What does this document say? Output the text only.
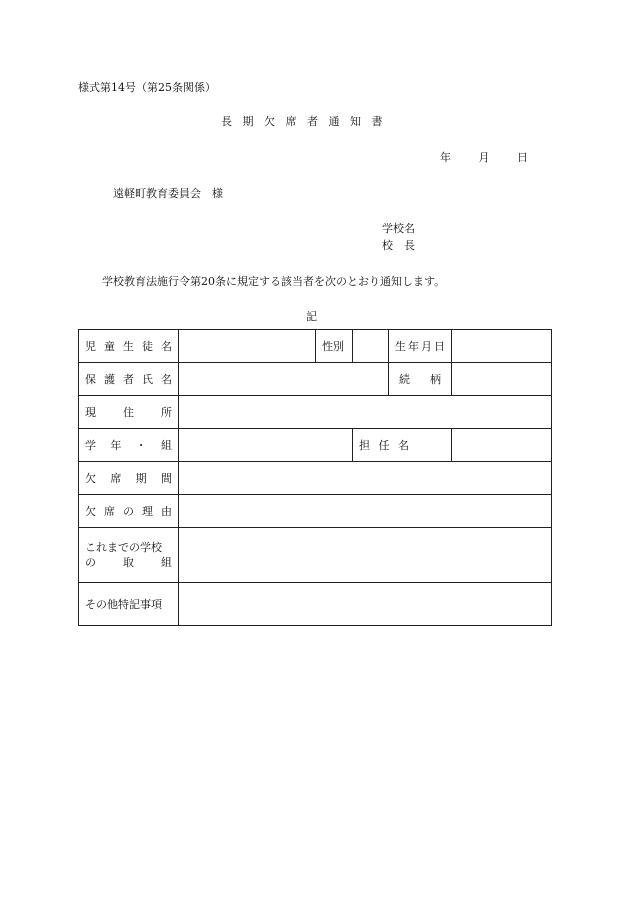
様式第14号（第25条関係）
長期欠席者通知書
年	月	日
遠軽町教育委員会　様
学校名
校　長
学校教育法施行令第20条に規定する該当者を次のとおり通知します。
記
児 童 生 徒 名		性別		生 年 月 日	

保 護 者 氏 名				続 柄	

現 住 所					

学 年 ・ 組			担 任 名		

欠 席 期 間					

欠 席 の 理 由					

これまでの学校
の 取 組					

その他特記事項					
